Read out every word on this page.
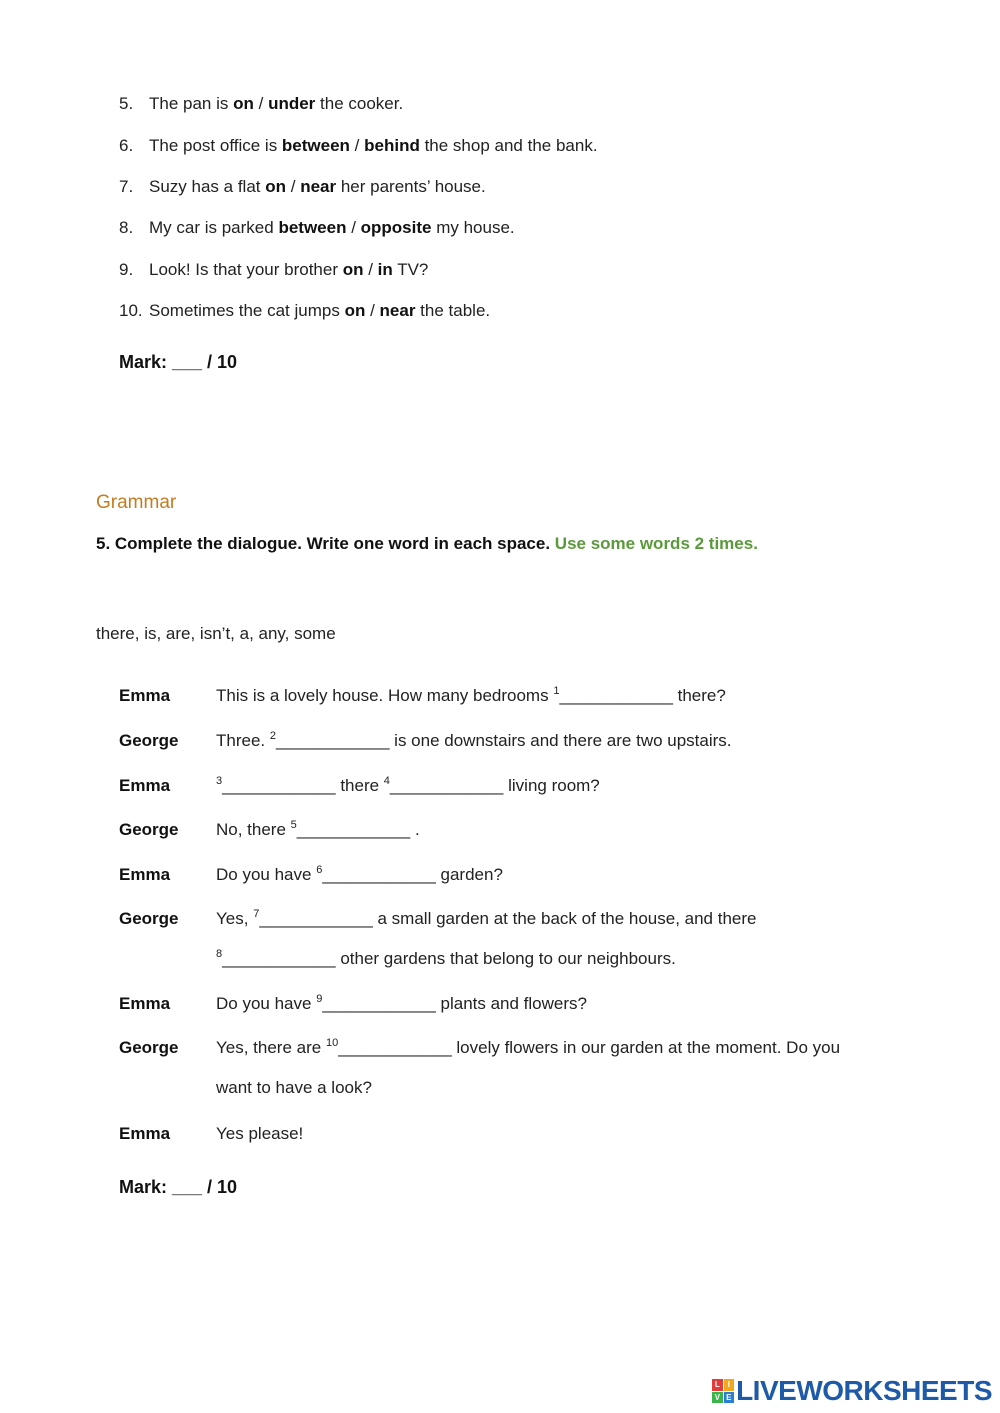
5. The pan is on / under the cooker.
6. The post office is between / behind the shop and the bank.
7. Suzy has a flat on / near her parents’ house.
8. My car is parked between / opposite my house.
9. Look! Is that your brother on / in TV?
10. Sometimes the cat jumps on / near the table.
Mark: ___ / 10
Grammar
5. Complete the dialogue. Write one word in each space. Use some words 2 times.
there, is, are, isn’t, a, any, some
Emma	This is a lovely house. How many bedrooms $^1$____________ there?
George Three. $^2$____________ is one downstairs and there are two upstairs.
Emma	$^3$____________ there $^4$____________ living room?
George No, there $^5$____________ .
Emma	Do you have $^6$____________ garden?
George Yes, $^7$____________ a small garden at the back of the house, and there
$^8$____________ other gardens that belong to our neighbours.
Emma	Do you have $^9$____________ plants and flowers?
George Yes, there are $^{10}$____________ lovely flowers in our garden at the moment. Do you
want to have a look?
Emma	Yes please!
Mark: ___ / 10
L I
V E LIVEWORKSHEETS
